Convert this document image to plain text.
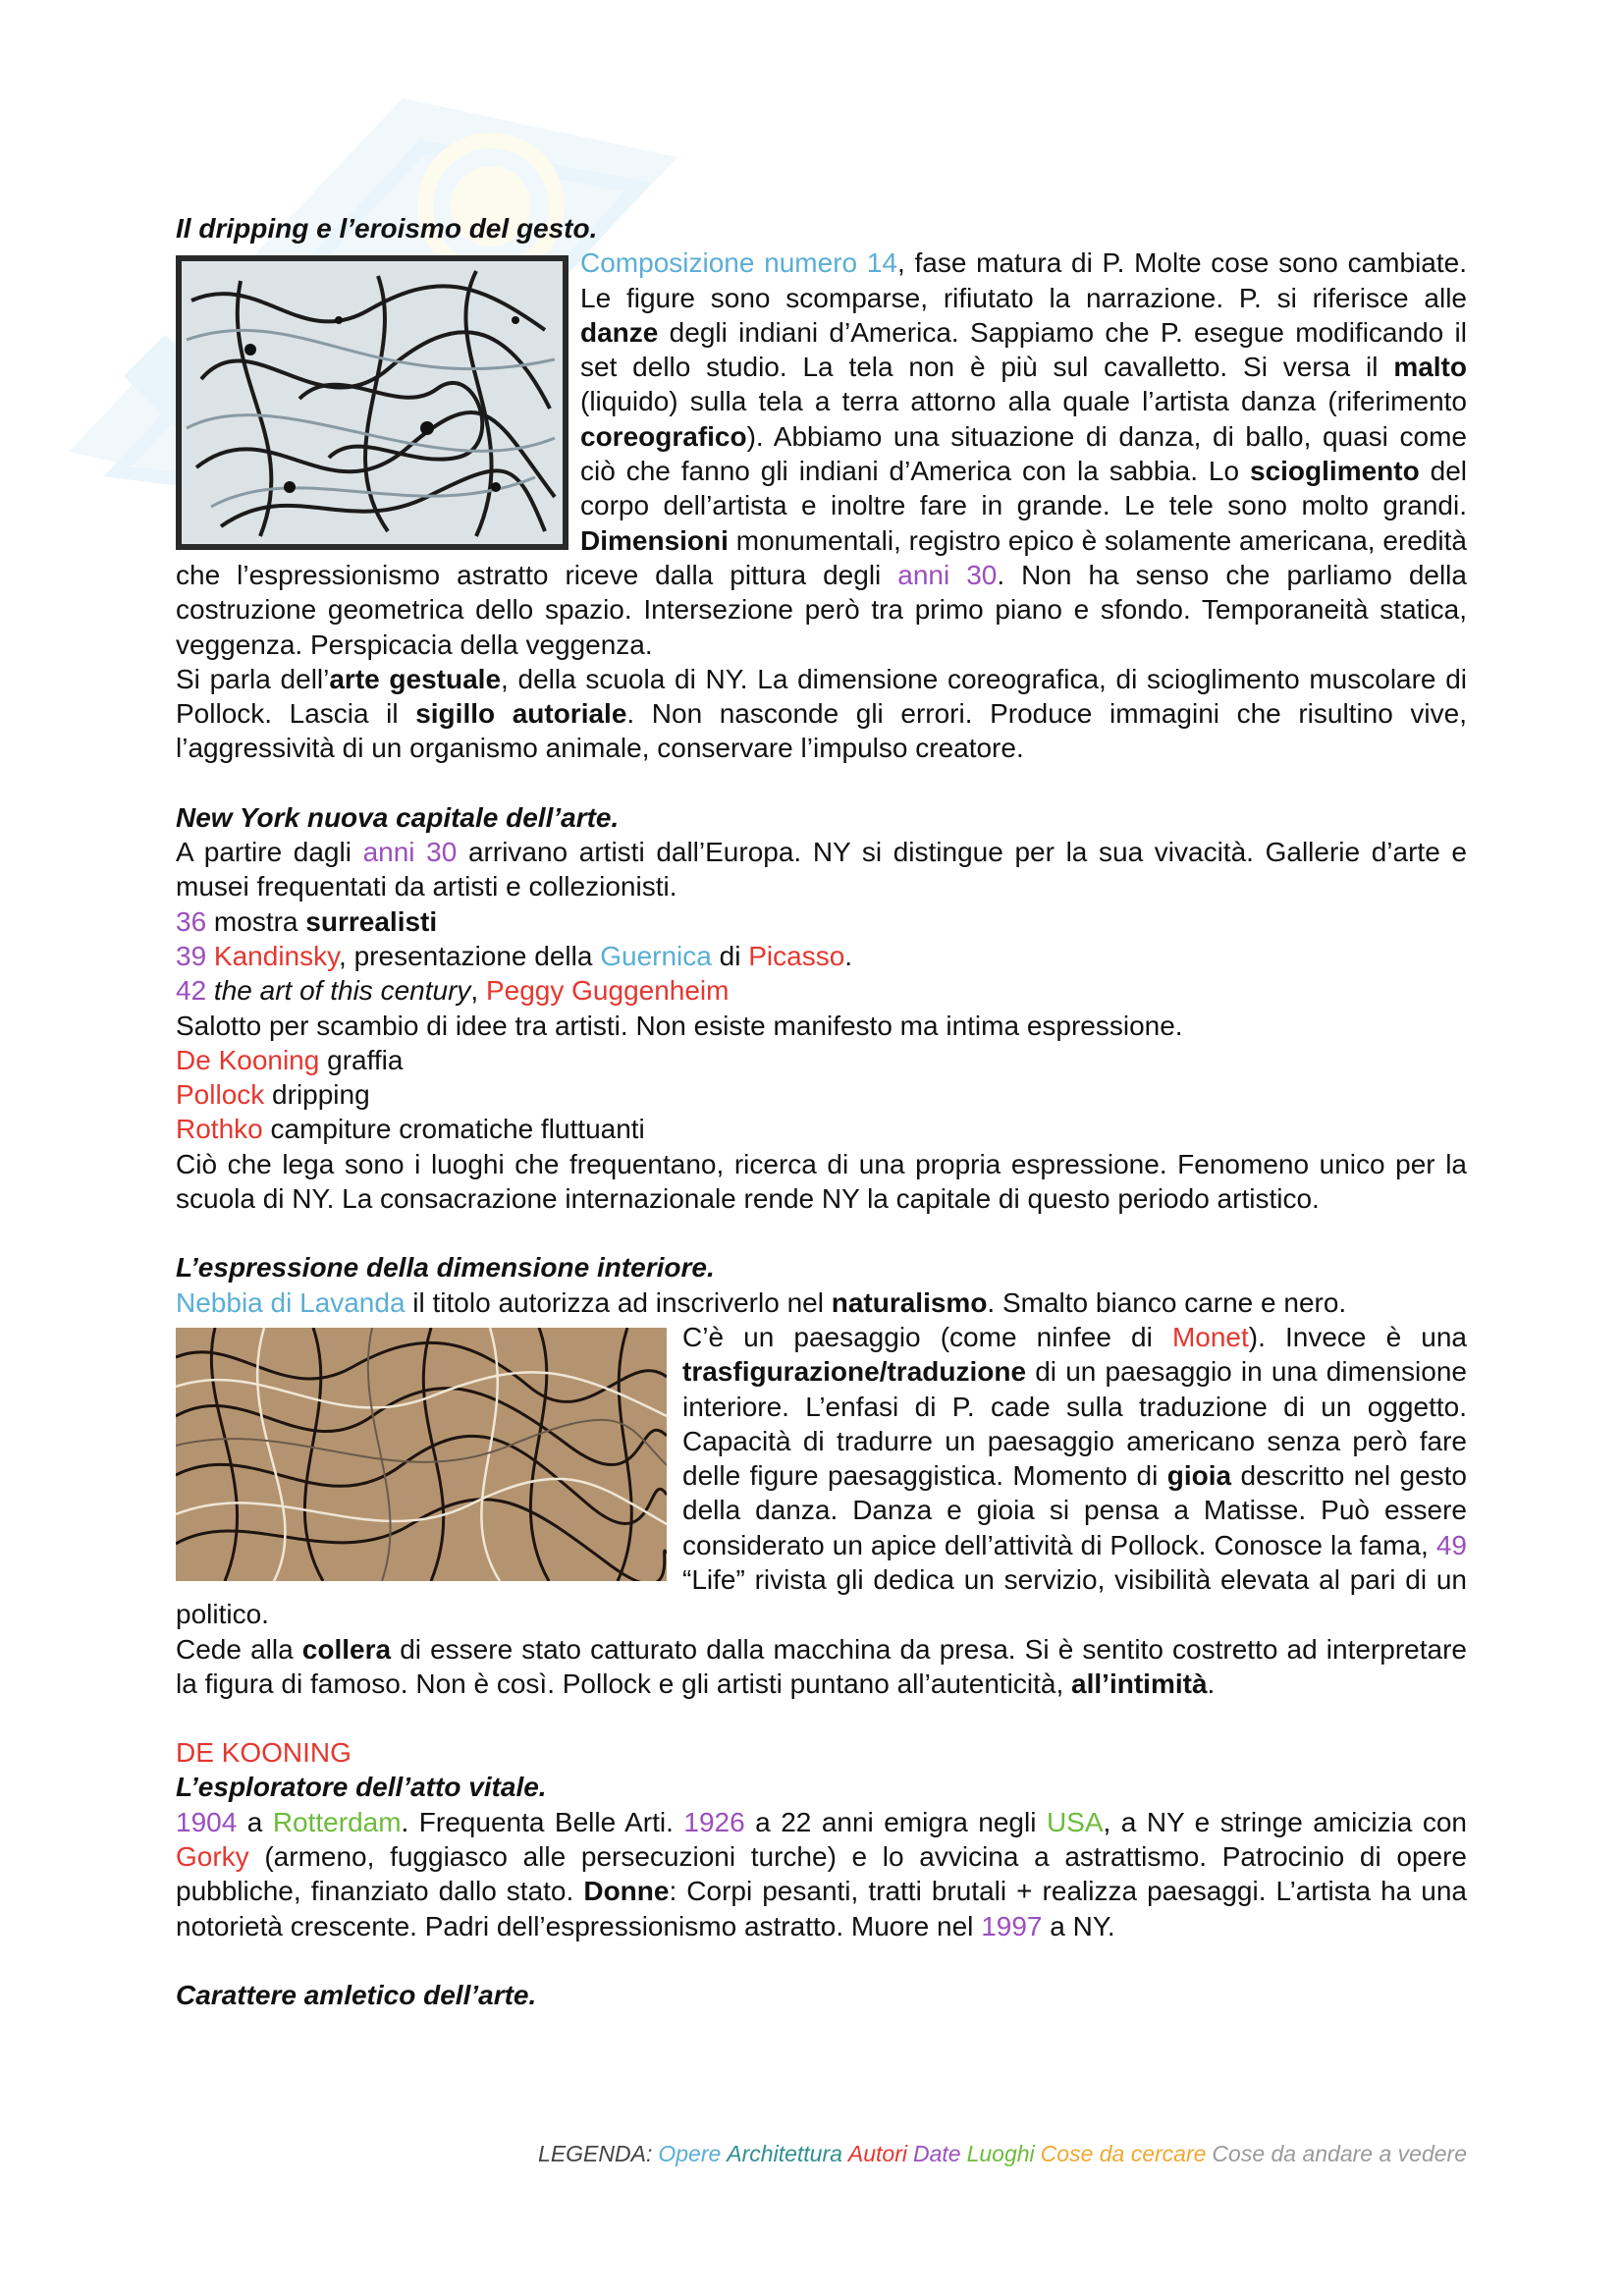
Il dripping e l’eroismo del gesto.

Composizione numero 14, fase matura di P. Molte cose sono cambiate. Le figure sono scomparse, rifiutato la narrazione. P. si riferisce alle danze degli indiani d’America. Sappiamo che P. esegue modificando il set dello studio. La tela non è più sul cavalletto. Si versa il malto (liquido) sulla tela a terra attorno alla quale l’artista danza (riferimento coreografico). Abbiamo una situazione di danza, di ballo, quasi come ciò che fanno gli indiani d’America con la sabbia. Lo scioglimento del corpo dell’artista e inoltre fare in grande. Le tele sono molto grandi. Dimensioni monumentali, registro epico è solamente americana, eredità che l’espressionismo astratto riceve dalla pittura degli anni 30. Non ha senso che parliamo della costruzione geometrica dello spazio. Intersezione però tra primo piano e sfondo. Temporaneità statica, veggenza. Perspicacia della veggenza.

Si parla dell’arte gestuale, della scuola di NY. La dimensione coreografica, di scioglimento muscolare di Pollock. Lascia il sigillo autoriale. Non nasconde gli errori. Produce immagini che risultino vive, l’aggressività di un organismo animale, conservare l’impulso creatore.

New York nuova capitale dell’arte.

A partire dagli anni 30 arrivano artisti dall’Europa. NY si distingue per la sua vivacità. Gallerie d’arte e musei frequentati da artisti e collezionisti.

36 mostra surrealisti

39 Kandinsky, presentazione della Guernica di Picasso.

42 the art of this century, Peggy Guggenheim

Salotto per scambio di idee tra artisti. Non esiste manifesto ma intima espressione.

De Kooning graffia

Pollock dripping

Rothko campiture cromatiche fluttuanti

Ciò che lega sono i luoghi che frequentano, ricerca di una propria espressione. Fenomeno unico per la scuola di NY. La consacrazione internazionale rende NY la capitale di questo periodo artistico.

L’espressione della dimensione interiore.

Nebbia di Lavanda il titolo autorizza ad inscriverlo nel naturalismo. Smalto bianco carne e nero.

C’è un paesaggio (come ninfee di Monet). Invece è una trasfigurazione/traduzione di un paesaggio in una dimensione interiore. L’enfasi di P. cade sulla traduzione di un oggetto. Capacità di tradurre un paesaggio americano senza però fare delle figure paesaggistica. Momento di gioia descritto nel gesto della danza. Danza e gioia si pensa a Matisse. Può essere considerato un apice dell’attività di Pollock. Conosce la fama, 49 “Life” rivista gli dedica un servizio, visibilità elevata al pari di un politico.

Cede alla collera di essere stato catturato dalla macchina da presa. Si è sentito costretto ad interpretare la figura di famoso. Non è così. Pollock e gli artisti puntano all’autenticità, all’intimità.

DE KOONING

L’esploratore dell’atto vitale.

1904 a Rotterdam. Frequenta Belle Arti. 1926 a 22 anni emigra negli USA, a NY e stringe amicizia con Gorky (armeno, fuggiasco alle persecuzioni turche) e lo avvicina a astrattismo. Patrocinio di opere pubbliche, finanziato dallo stato. Donne: Corpi pesanti, tratti brutali + realizza paesaggi. L’artista ha una notorietà crescente. Padri dell’espressionismo astratto. Muore nel 1997 a NY.

Carattere amletico dell’arte.

LEGENDA: Opere Architettura Autori Date Luoghi Cose da cercare Cose da andare a vedere
